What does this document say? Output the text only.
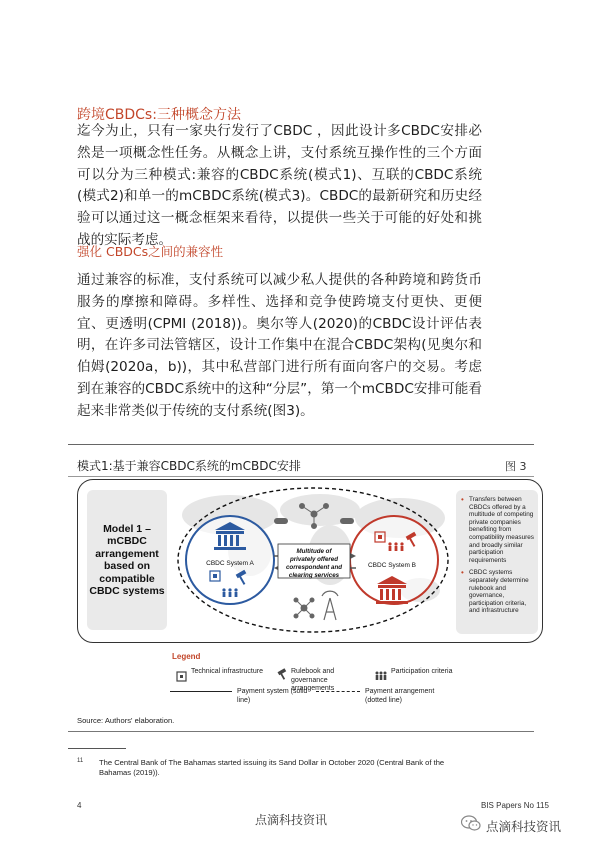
跨境CBDCs:三种概念方法
迄今为止，只有一家央行发行了CBDC ，因此设计多CBDC安排必然是一项概念性任务。从概念上讲，支付系统互操作性的三个方面可以分为三种模式:兼容的CBDC系统(模式1)、互联的CBDC系统(模式2)和单一的mCBDC系统(模式3)。CBDC的最新研究和历史经验可以通过这一概念框架来看待，以提供一些关于可能的好处和挑战的实际考虑。
强化 CBDCs之间的兼容性
通过兼容的标准，支付系统可以减少私人提供的各种跨境和跨货币服务的摩擦和障碍。多样性、选择和竞争使跨境支付更快、更便宜、更透明(CPMI (2018))。奥尔等人(2020)的CBDC设计评估表明，在许多司法管辖区，设计工作集中在混合CBDC架构(见奥尔和伯姆(2020a，b))，其中私营部门进行所有面向客户的交易。考虑到在兼容的CBDC系统中的这种“分层”，第一个mCBDC安排可能看起来非常类似于传统的支付系统(图3)。
模式1:基于兼容CBDC系统的mCBDC安排	图 3
Model 1 – mCBDC arrangement based on compatible CBDC systems
CBDC System A	CBDC System B
Multitude of
privately offered
correspondent and
clearing services
• Transfers between CBDCs offered by a multitude of competing private companies benefiting from compatibility measures and broadly similar participation requirements
• CBDC systems separately determine rulebook and governance, participation criteria, and infrastructure
Legend
Technical infrastructure	Rulebook and governance arrangements
Participation criteria
Payment system (solid line)
Payment arrangement (dotted line)
Source: Authors' elaboration.
11 The Central Bank of The Bahamas started issuing its Sand Dollar in October 2020 (Central Bank of the Bahamas (2019)).
4	BIS Papers No 115
点滴科技资讯	点滴科技资讯
